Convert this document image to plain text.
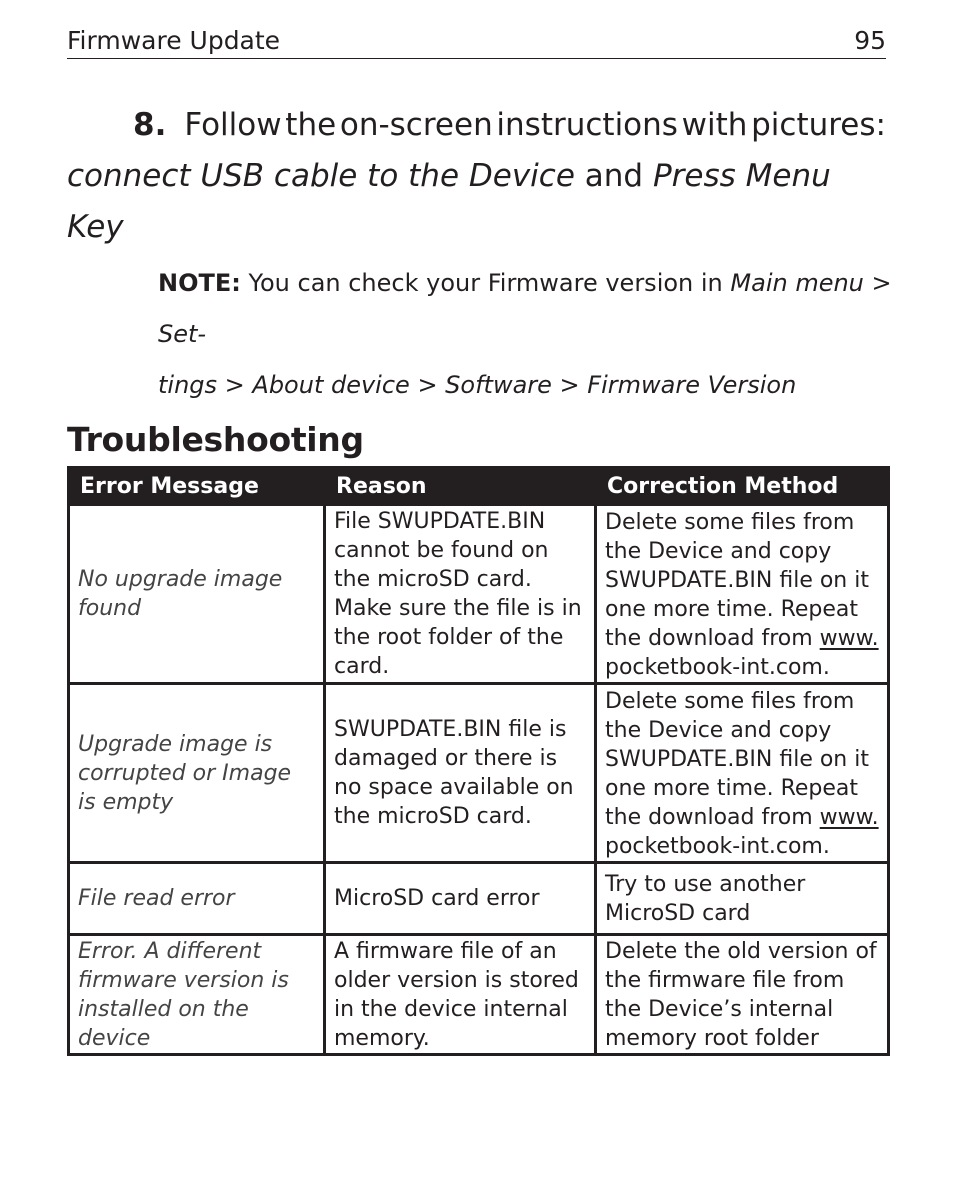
Firmware Update	95
8. Follow the on-screen instructions with pictures:
connect USB cable to the Device and Press Menu Key
NOTE: You can check your Firmware version in Main menu > Set-
tings > About device > Software > Firmware Version
Troubleshooting
Error Message	Reason	Correction Method
No upgrade image found	File SWUPDATE.BIN cannot be found on the microSD card. Make sure the file is in the root folder of the card.	Delete some files from the Device and copy SWUPDATE.BIN file on it one more time. Repeat the download from www. pocketbook-int.com.
Upgrade image is corrupted or Image is empty	SWUPDATE.BIN file is damaged or there is no space available on the microSD card.	Delete some files from the Device and copy SWUPDATE.BIN file on it one more time. Repeat the download from www. pocketbook-int.com.
File read error	MicroSD card error	Try to use another MicroSD card
Error. A different firmware version is installed on the device	A firmware file of an older version is stored in the device internal memory.	Delete the old version of the firmware file from the Device’s internal memory root folder
